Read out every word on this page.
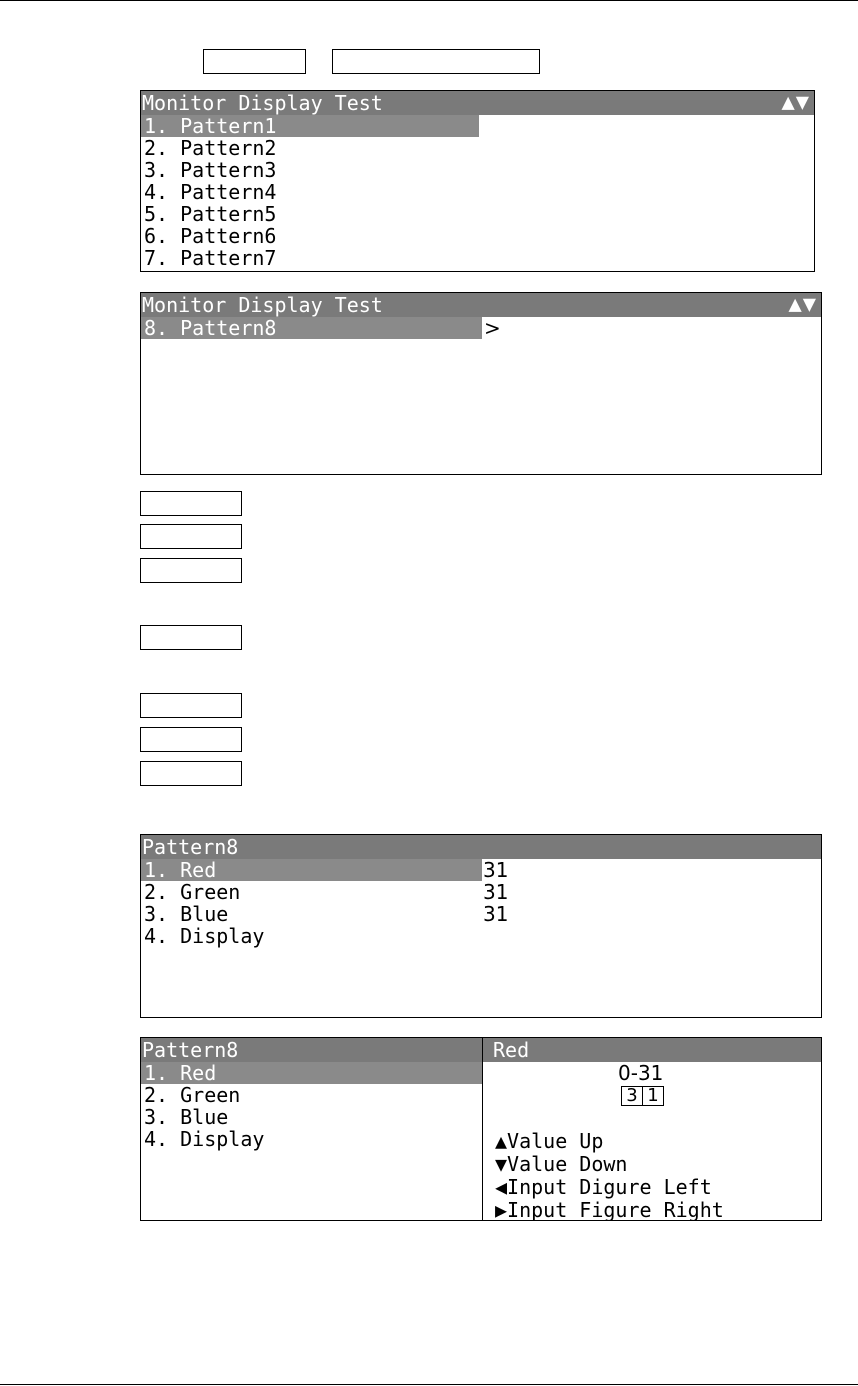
Monitor Display Test	▲▼
1. Pattern1
2. Pattern2
3. Pattern3
4. Pattern4
5. Pattern5
6. Pattern6
7. Pattern7
Monitor Display Test	▲▼
8. Pattern8	>
Pattern8
1. Red	31
2. Green	31
3. Blue	31
4. Display
Pattern8	Red
1. Red
2. Green
3. Blue
4. Display
0-31
3 1
▲Value Up
▼Value Down
◀Input Digure Left
▶Input Figure Right
